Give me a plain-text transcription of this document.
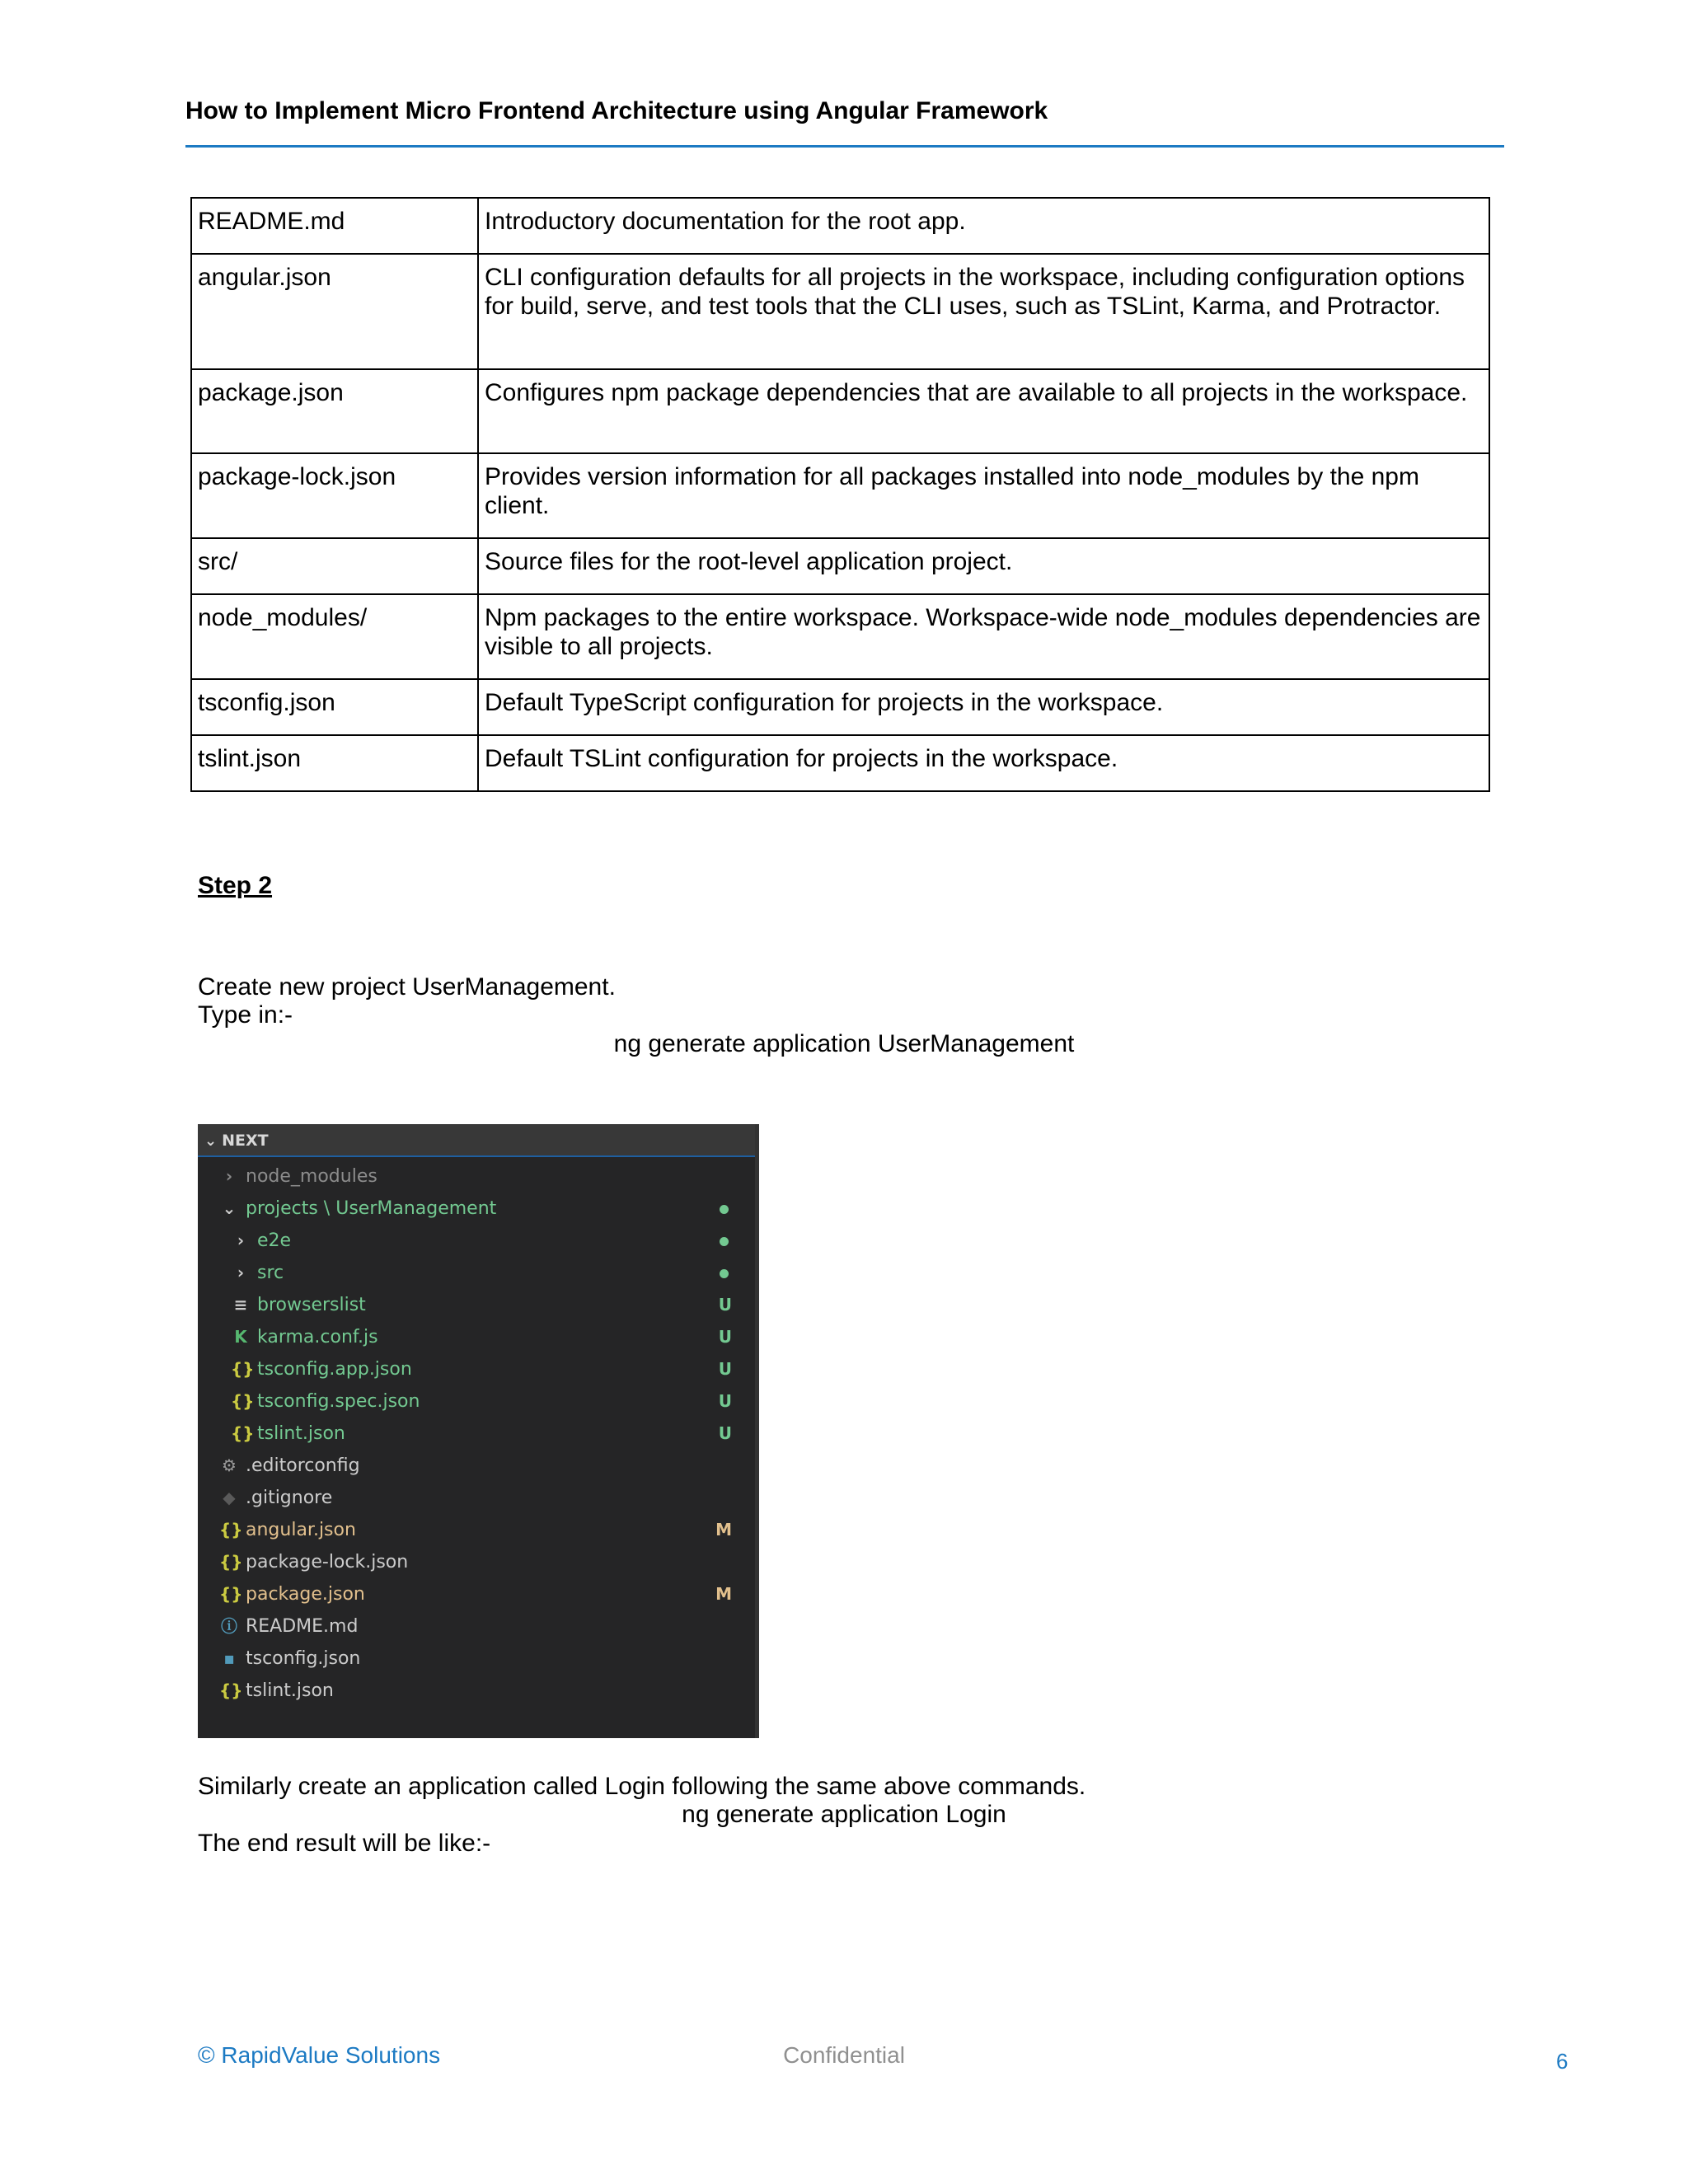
How to Implement Micro Frontend Architecture using Angular Framework
README.md	Introductory documentation for the root app.
angular.json	CLI configuration defaults for all projects in the workspace, including configuration options for build, serve, and test tools that the CLI uses, such as TSLint, Karma, and Protractor.
package.json	Configures npm package dependencies that are available to all projects in the workspace.
package-lock.json	Provides version information for all packages installed into node_modules by the npm client.
src/	Source files for the root-level application project.
node_modules/	Npm packages to the entire workspace. Workspace-wide node_modules dependencies are visible to all projects.
tsconfig.json	Default TypeScript configuration for projects in the workspace.
tslint.json	Default TSLint configuration for projects in the workspace.
Step 2
Create new project UserManagement.
Type in:-
ng generate application UserManagement
⌄ NEXT
› node_modules
⌄ projects \ UserManagement
› e2e
› src
≡ browserslist	U
K karma.conf.js	U
{} tsconfig.app.json	U
{} tsconfig.spec.json	U
{} tslint.json	U
⚙ .editorconfig
◆ .gitignore
{} angular.json	M
{} package-lock.json
{} package.json	M
ⓘ README.md
▪ tsconfig.json
{} tslint.json
Similarly create an application called Login following the same above commands.
ng generate application Login
The end result will be like:-
© RapidValue Solutions	Confidential	6
